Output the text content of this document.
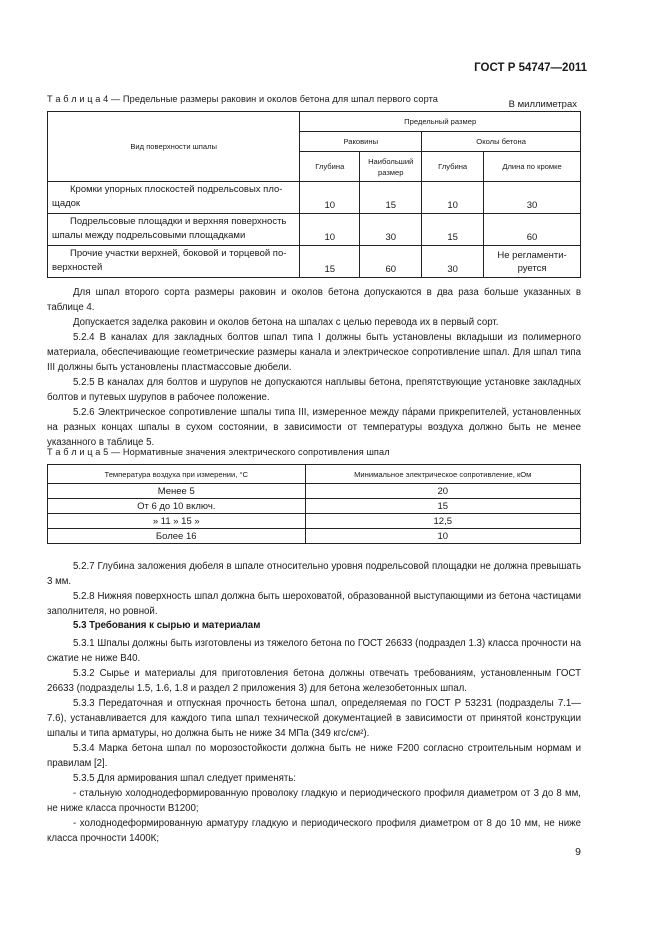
ГОСТ Р 54747—2011
Т а б л и ц а 4 — Предельные размеры раковин и околов бетона для шпал первого сорта	В миллиметрах
Вид поверхности шпалы	Предельный размер			
	Раковины		Околы бетона	
	Глубина	Наибольший размер	Глубина	Длина по кромке

Кромки упорных плоскостей подрельсовых пло-
щадок	10	15	10	30

Подрельсовые площадки и верхняя поверхность
шпалы между подрельсовыми площадками	10	30	15	60

Прочие участки верхней, боковой и торцевой по-
верхностей	15	60	30	Не регламенти-руется

Для шпал второго сорта размеры раковин и околов бетона допускаются в два раза больше указанных в таблице 4.

Допускается заделка раковин и околов бетона на шпалах с целью перевода их в первый сорт.

5.2.4 В каналах для закладных болтов шпал типа I должны быть установлены вкладыши из полимерного материала, обеспечивающие геометрические размеры канала и электрическое сопротивление шпал. Для шпал типа III должны быть установлены пластмассовые дюбели.

5.2.5 В каналах для болтов и шурупов не допускаются наплывы бетона, препятствующие установке закладных болтов и путевых шурупов в рабочее положение.

5.2.6 Электрическое сопротивление шпалы типа III, измеренное между пáрами прикрепителей, установленных на разных концах шпалы в сухом состоянии, в зависимости от температуры воздуха должно быть не менее указанного в таблице 5.

Т а б л и ц а 5 — Нормативные значения электрического сопротивления шпал
Температура воздуха при измерении, °С	Минимальное электрическое сопротивление, кОм
Менее 5	20
От 6 до 10 включ.	15
» 11 » 15 »	12,5
Более 16	10

5.2.7 Глубина заложения дюбеля в шпале относительно уровня подрельсовой площадки не должна превышать 3 мм.

5.2.8 Нижняя поверхность шпал должна быть шероховатой, образованной выступающими из бетона частицами заполнителя, но ровной.

5.3 Требования к сырью и материалам

5.3.1 Шпалы должны быть изготовлены из тяжелого бетона по ГОСТ 26633 (подраздел 1.3) класса прочности на сжатие не ниже В40.

5.3.2 Сырье и материалы для приготовления бетона должны отвечать требованиям, установленным ГОСТ 26633 (подразделы 1.5, 1.6, 1.8 и раздел 2 приложения 3) для бетона железобетонных шпал.

5.3.3 Передаточная и отпускная прочность бетона шпал, определяемая по ГОСТ Р 53231 (подразделы 7.1—7.6), устанавливается для каждого типа шпал технической документацией в зависимости от принятой конструкции шпалы и типа арматуры, но должна быть не ниже 34 МПа (349 кгс/см²).

5.3.4 Марка бетона шпал по морозостойкости должна быть не ниже F200 согласно строительным нормам и правилам [2].

5.3.5 Для армирования шпал следует применять:

- стальную холоднодеформированную проволоку гладкую и периодического профиля диаметром от 3 до 8 мм, не ниже класса прочности В1200;

- холоднодеформированную арматуру гладкую и периодического профиля диаметром от 8 до 10 мм, не ниже класса прочности 1400К;

9
